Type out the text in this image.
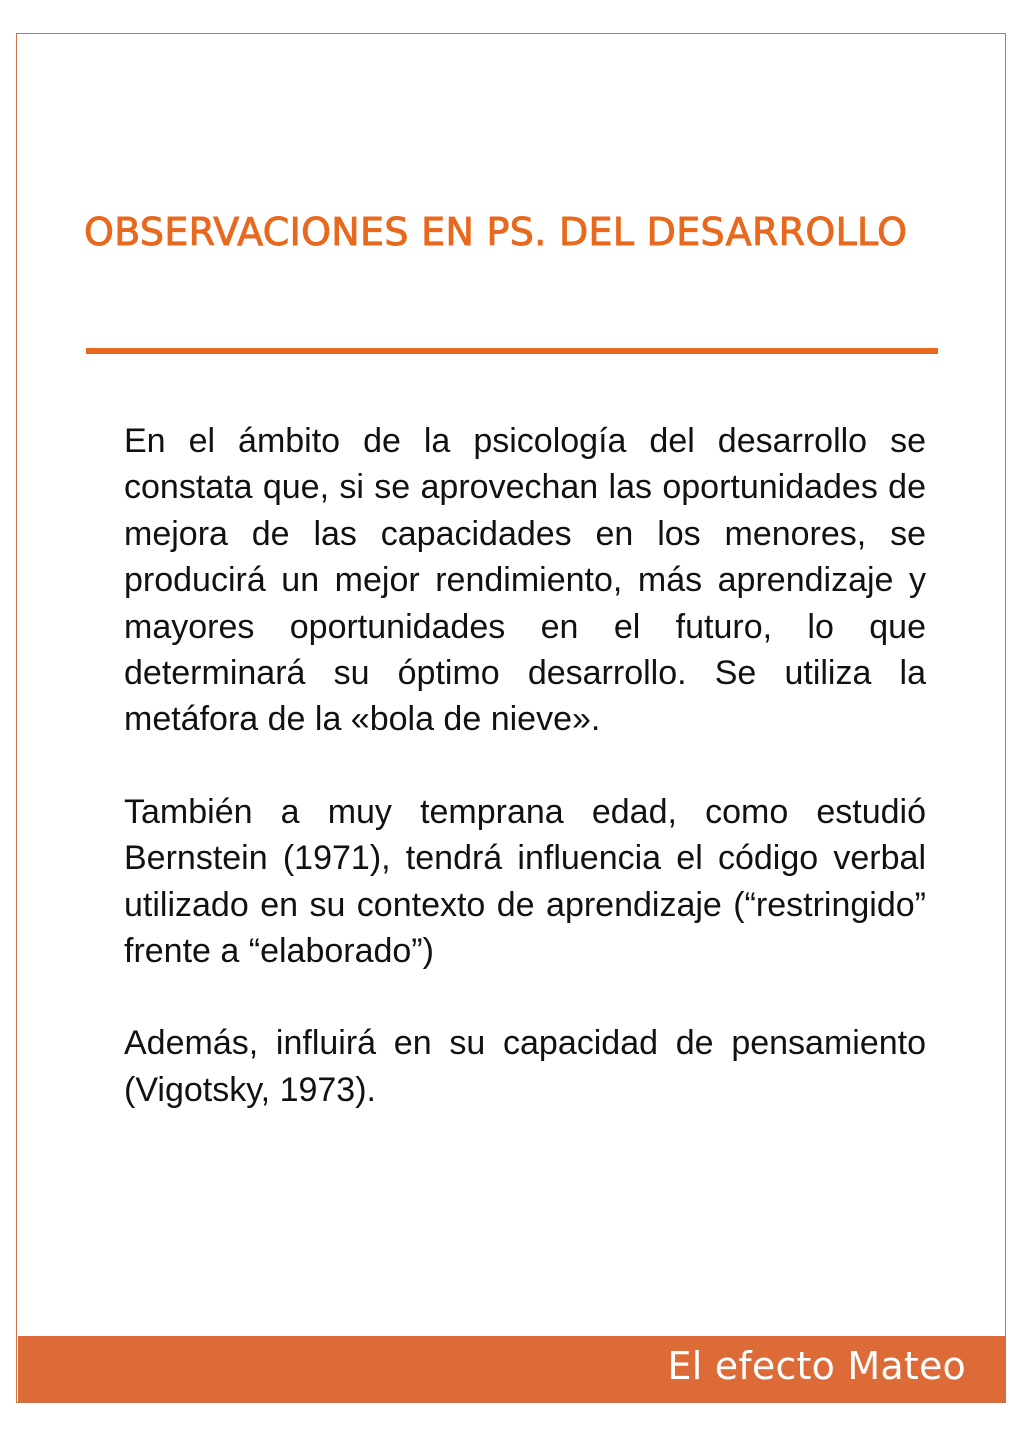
OBSERVACIONES EN PS. DEL DESARROLLO

En el ámbito de la psicología del desarrollo se constata que, si se aprovechan las oportunidades de mejora de las capacidades en los menores, se producirá un mejor rendimiento, más aprendizaje y mayores oportunidades en el futuro, lo que determinará su óptimo desarrollo. Se utiliza la metáfora de la «bola de nieve».

También a muy temprana edad, como estudió Bernstein (1971), tendrá influencia el código verbal utilizado en su contexto de aprendizaje (“restringido” frente a “elaborado”)

Además, influirá en su capacidad de pensamiento (Vigotsky, 1973).

El efecto Mateo
